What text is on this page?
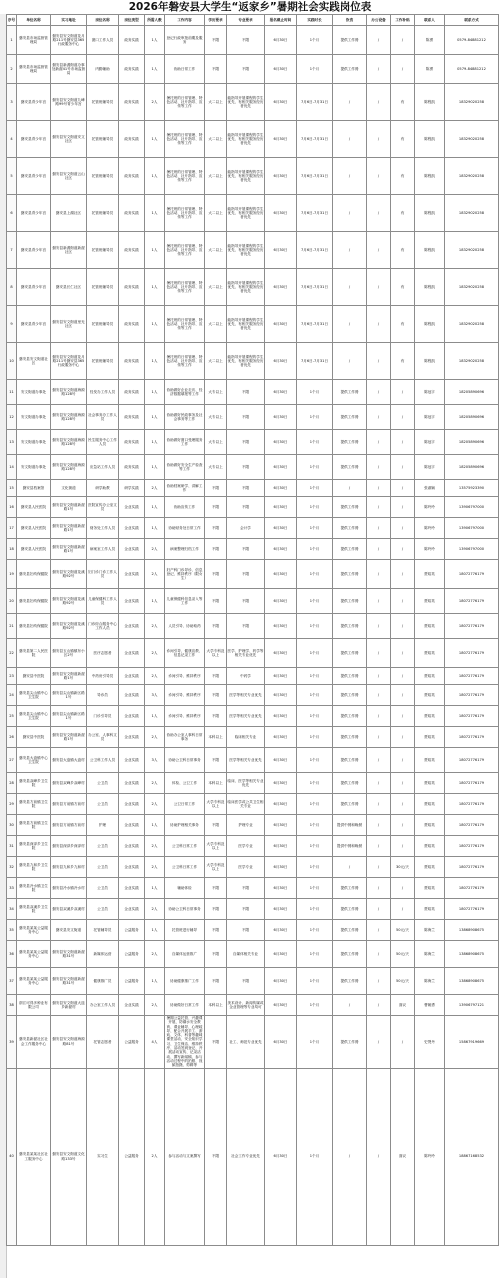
2026年磐安县大学生“返家乡”暑期社会实践岗位表
序号	单位名称	实习地址	岗位名称	岗位类型	所需人数	工作内容	学历要求	专业要求	报名截止时间	实践时长	饮食	办公设备	工作补贴	联系人	联系方式
1	磐安县市场监督管理局	磐安县安文街道花月路211号磐安县365行政服务中心	窗口工作人员	政务实践	1人	登记行政审批前期及服务	不限	不限	6月30日	1个月	提供工作餐	/	/	陈勇	0579-84881212
2	磐安县市场监督管理局	磐安县新渥街道办事处新渥41号市场监督局	内勤辅助	政务实践	1人	协助日常工作	不限	不限	6月30日	1个月	提供工作餐	/	/	陈勇	0579-84881212
3	磐安县青少年宫	磐安县安文街道九峰路99号青少年宫	托管班辅导员	政务实践	2人	暑托班的日常管理、特色活动、社片指导、宣传等工作	大二以上	能指导开展课程的学生优先、有相关服务经历者优先	6月30日	7月6日-7月31日	/	/	有	陈程凯	18329020258
4	磐安县青少年宫	磐安县安文街道安文社区	托管班辅导员	政务实践	1人	暑托班的日常管理、特色活动、社片指导、宣传等工作	大二以上	能指导开展课程的学生优先、有相关服务经历者优先	6月30日	7月6日-7月31日	/	/	有	陈程凯	18329020258
5	磐安县青少年宫	磐安县安文街道云山社区	托管班辅导员	政务实践	1人	暑托班的日常管理、特色活动、社片指导、宣传等工作	大二以上	能指导开展课程的学生优先、有相关服务经历者优先	6月30日	7月6日-7月31日	/	/	有	陈程凯	18329020258
6	磐安县青少年宫	磐安县上湖社区	托管班辅导员	政务实践	1人	暑托班的日常管理、特色活动、社片指导、宣传等工作	大二以上	能指导开展课程的学生优先、有相关服务经历者优先	6月30日	7月6日-7月31日	/	/	有	陈程凯	18329020258
7	磐安县青少年宫	磐安县新渥街道新渥社区	托管班辅导员	政务实践	1人	暑托班的日常管理、特色活动、社片指导、宣传等工作	大二以上	能指导开展课程的学生优先、有相关服务经历者优先	6月30日	7月6日-7月31日	/	/	有	陈程凯	18329020258
8	磐安县青少年宫	磐安县长仁社区	托管班辅导员	政务实践	1人	暑托班的日常管理、特色活动、社片指导、宣传等工作	大二以上	能指导开展课程的学生优先、有相关服务经历者优先	6月30日	7月6日-7月31日	/	/	有	陈程凯	18329020258
9	磐安县青少年宫	磐安县安文街道里光社区	托管班辅导员	政务实践	1人	暑托班的日常管理、特色活动、社片指导、宣传等工作	大二以上	能指导开展课程的学生优先、有相关服务经历者优先	6月30日	7月6日-7月31日	/	/	有	陈程凯	18329020258
10	磐安县安文街道社区	磐安县安文街道花月路211号磐安县365行政服务中心	托管班辅导员	政务实践	1人	暑托班的日常管理、特色活动、社片指导、宣传等工作	大二以上	能指导开展课程的学生优先、有相关服务经历者优先	6月30日	7月6日-7月31日	/	/	有	陈程凯	18329020258
11	安文街道办事处	磐安县安文街道海源路128号	经发办工作人员	政务实践	1人	协助做好企业走访、经济数据填报等工作	大专以上	不限	6月30日	1个月	提供工作餐	/	/	陈冠宇	18205890696
12	安文街道办事处	磐安县安文街道海源路128号	社会事务办工作人员	政务实践	1人	协助做好民政事务及社会事务等工作	大专以上	不限	6月30日	1个月	提供工作餐	/	/	陈冠宇	18205890696
13	安文街道办事处	磐安县安文街道海源路128号	民生服务中心工作人员	政务实践	1人	协助做好窗口受理服务工作	大专以上	不限	6月30日	1个月	提供工作餐	/	/	陈冠宇	18205890696
14	安文街道办事处	磐安县安文街道海源路128号	应急站工作人员	政务实践	1人	协助做好安全生产检查等工作	大专以上	不限	6月30日	1个月	提供工作餐	/	/	陈冠宇	18205890696
15	磐安县档案馆	文化街道	研学助教	研学实践	2人	协助档案研学、讲解工作	不限	不限	6月30日	1个月	/	/	/	张淑娴	13575923390
16	磐安县人民医院	磐安县安文街道新渥路1号	医院宣传办公室文员	企业实践	1人	协助宣传工作	不限	不限	6月30日	1个月	提供工作餐	/	/	陈玲玲	13906797000
17	磐安县人民医院	磐安县安文街道新渥路1号	财务处工作人员	企业实践	1人	协助财务处日常工作	不限	会计学	6月30日	1个月	提供工作餐	/	/	陈玲玲	13906797000
18	磐安县人民医院	磐安县安文街道新渥路1号	病案室工作人员	企业实践	2人	病案整理归档工作	不限	不限	6月30日	1个月	提供工作餐	/	/	陈玲玲	13906797000
19	磐安县妇幼保健院	磐安县安文街道花溪路92号	妇门诊门诊工作人员	企业实践	2人	妇产科门诊导诊、信息登记、维持秩序（限女生）	不限	不限	6月30日	1个月	提供工作餐	/	/	贾绍英	18072776179
20	磐安县妇幼保健院	磐安县安文街道花溪路92号	儿童保健科工作人员	企业实践	1人	儿童保健科信息录入等工作	不限	不限	6月30日	1个月	提供工作餐	/	/	贾绍英	18072776179
21	磐安县妇幼保健院	磐安县安文街道花溪路92号	门诊综合服务中心工作人员	企业实践	2人	人员引导、协助取药	不限	不限	6月30日	1个月	提供工作餐	/	/	贾绍英	18072776179
22	磐安县第二人民医院	磐安县玉山镇镇东小区2号	医疗志愿者	企业实践	2人	诊间引导、健康宣教、信息记录工作	大学专科及以上	医学、护理学、药学等相关专业优先	6月30日	1个月	提供工作餐	/	/	贾绍英	18072776179
23	磐安县中医院	磐安县安文街道新渥路1号	中药房引导员	企业实践	2人	诊间引导、维持秩序	不限	中药学	6月30日	1个月	提供工作餐	/	/	贾绍英	18072776179
24	磐安县尖山镇中心卫生院	磐安县尖山镇新区路1号	导诊员	企业实践	3人	诊间引导、维持秩序	不限	医学等相关专业优先	6月30日	1个月	提供工作餐	/	/	贾绍英	18072776179
25	磐安县尖山镇中心卫生院	磐安县尖山镇新区路1号	门诊引导员	企业实践	1人	诊间引导、维持秩序	不限	医学等相关专业优先	6月30日	1个月	提供工作餐	/	/	贾绍英	18072776179
26	磐安县中医院	磐安县安文街道新渥路1号	办公室、人事科文员	企业实践	2人	协助办公室人事科日常事务	本科以上	临床相关专业	6月30日	1个月	提供工作餐	/	/	贾绍英	18072776179
27	磐安县大盘镇中心卫生院	磐安县大盘镇大盘村	公卫科工作人员	企业实践	3人	协助公卫科日常事务	不限	医学等相关专业优先	6月30日	1个月	提供工作餐	/	/	贾绍英	18072776179
28	磐安县双峰乡卫生院	磐安县双峰乡双峰村	公卫员	企业实践	2人	体检、公卫工作	本科以上	临床、医学等相关专业优先	6月30日	1个月	提供工作餐	/	/	贾绍英	18072776179
29	磐安县方前镇卫生院	磐安县方前镇方前村	公卫员	企业实践	2人	公卫日常工作	大学专科及以上	临床医学或公共卫生相关专业	6月30日	1个月	提供工作餐	/	/	贾绍英	18072776179
30	磐安县方前镇卫生院	磐安县方前镇方前村	护理	企业实践	1人	协助护理相关事务	不限	护理专业	6月30日	1个月	提供中餐和晚餐	/	/	贾绍英	18072776179
31	磐安县深泽乡卫生院	磐安县深泽乡深泽村	公卫员	企业实践	2人	公卫科日常工作	大学专科及以上	医学专业	6月30日	1个月	提供中餐和晚餐	/	/	贾绍英	18072776179
32	磐安县九和乡卫生院	磐安县九和乡九和村	公卫员	企业实践	2人	公卫科日常工作	大学专科及以上	医学专业	6月30日	1个月	/	/	30元/天	贾绍英	18072776179
33	磐安县冷水镇卫生院	磐安县冷水镇冷水村	公卫员	企业实践	1人	辅助体检	不限	不限	6月30日	1个月	提供工作餐	/	/	贾绍英	18072776179
34	磐安县双溪乡卫生院	磐安县双溪乡双溪村	公卫员	企业实践	2人	协助公卫科日常事务	不限	不限	6月30日	1个月	提供工作餐	/	/	贾绍英	18072776179
35	磐安县某某公益服务中心	磐安县安文街道	托管辅导员	公益服务	1人	托管班进行辅导	不限	不限	6月30日	1个月	提供工作餐	/	50元/天	陈海兰	13868908675
36	磐安县某某公益服务中心	磐安县安文街道新渥路31号	新媒体运营	公益服务	2人	自媒体运营推广	不限	自媒体相关专业	6月30日	1个月	提供工作餐	/	50元/天	陈海兰	13868908675
37	磐安县某某公益服务中心	磐安县安文街道新渥路31号	健康推广员	公益服务	1人	协助健康推广工作	不限	不限	6月30日	1个月	提供工作餐	/	50元/天	陈海兰	13868908675
38	浙江可得多种业有限公司	磐安县安文街道大皿乡新渥村	办公室工作人员	企业实践	2人	协助做好日常工作	本科以上	美术设计、新闻传媒或企业管理等专业均可	6月30日	1个月	/	/	面议	曹朝勇	13906797121
39	磐安县新渥社区社会工作服务中心	磐安县安文街道海源路81号	托管志愿者	公益服务	4人	暑期公益托管、兴趣课开展、防溺水安全教育、课业辅导、心理疏导、配合开展手工、游戏、文体、科普等趣味课堂活动、安全知识学习、卫生保洁、维持秩序、活动签到登记、开展活动宣传、记录活动、撰写新闻稿、参与活动过程中的拍照、视频拍摄、剪辑等	不限	社工、师范专业优先	6月30日	1个月	提供工作餐	/	/	史贤丹	15867919669
40	磐安县某某社区社工服务中心	磐安县安文街道文化路133号	实习生	公益服务	2人	参与活动与文案撰写	不限	社会工作专业优先	6月30日	1个月	/	/	面议	陈玲玲	18867168532
